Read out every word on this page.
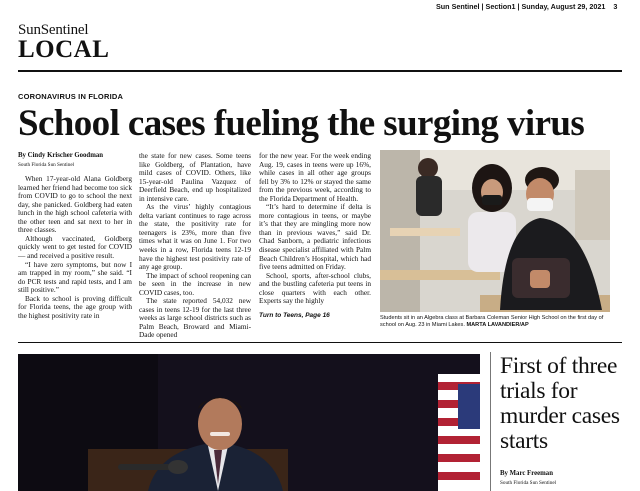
Sun Sentinel | Section1 | Sunday, August 29, 2021 3
SunSentinel
LOCAL
CORONAVIRUS IN FLORIDA
School cases fueling the surging virus
By Cindy Krischer Goodman
South Florida Sun Sentinel

When 17-year-old Alana Goldberg learned her friend had become too sick from COVID to go to school the next day, she panicked. Goldberg had eaten lunch in the high school cafeteria with the other teen and sat next to her in three classes.

Although vaccinated, Goldberg quickly went to get tested for COVID — and received a positive result.

“I have zero symptoms, but now I am trapped in my room,” she said. “I do PCR tests and rapid tests, and I am still positive.”

Back to school is proving difficult for Florida teens, the age group with the highest positivity rate in

the state for new cases. Some teens like Goldberg, of Plantation, have mild cases of COVID. Others, like 15-year-old Paulina Vazquez of Deerfield Beach, end up hospitalized in intensive care.

As the virus’ highly contagious delta variant continues to rage across the state, the positivity rate for teenagers is 23%, more than five times what it was on June 1. For two weeks in a row, Florida teens 12-19 have the highest test positivity rate of any age group.

The impact of school reopening can be seen in the increase in new COVID cases, too.

The state reported 54,032 new cases in teens 12-19 for the last three weeks as large school districts such as Palm Beach, Broward and Miami-Dade opened

for the new year. For the week ending Aug. 19, cases in teens were up 16%, while cases in all other age groups fell by 3% to 12% or stayed the same from the previous week, according to the Florida Department of Health.

“It’s hard to determine if delta is more contagious in teens, or maybe it’s that they are mingling more now than in previous waves,” said Dr. Chad Sanborn, a pediatric infectious disease specialist affiliated with Palm Beach Children’s Hospital, which had five teens admitted on Friday.

School, sports, after-school clubs, and the bustling cafeteria put teens in close quarters with each other. Experts say the highly

Turn to Teens, Page 16	Students sit in an Algebra class at Barbara Coleman Senior High School on the first day of school on Aug. 23 in Miami Lakes. MARTA LAVANDIER/AP
First of three trials for murder cases starts
By Marc Freeman
South Florida Sun Sentinel
